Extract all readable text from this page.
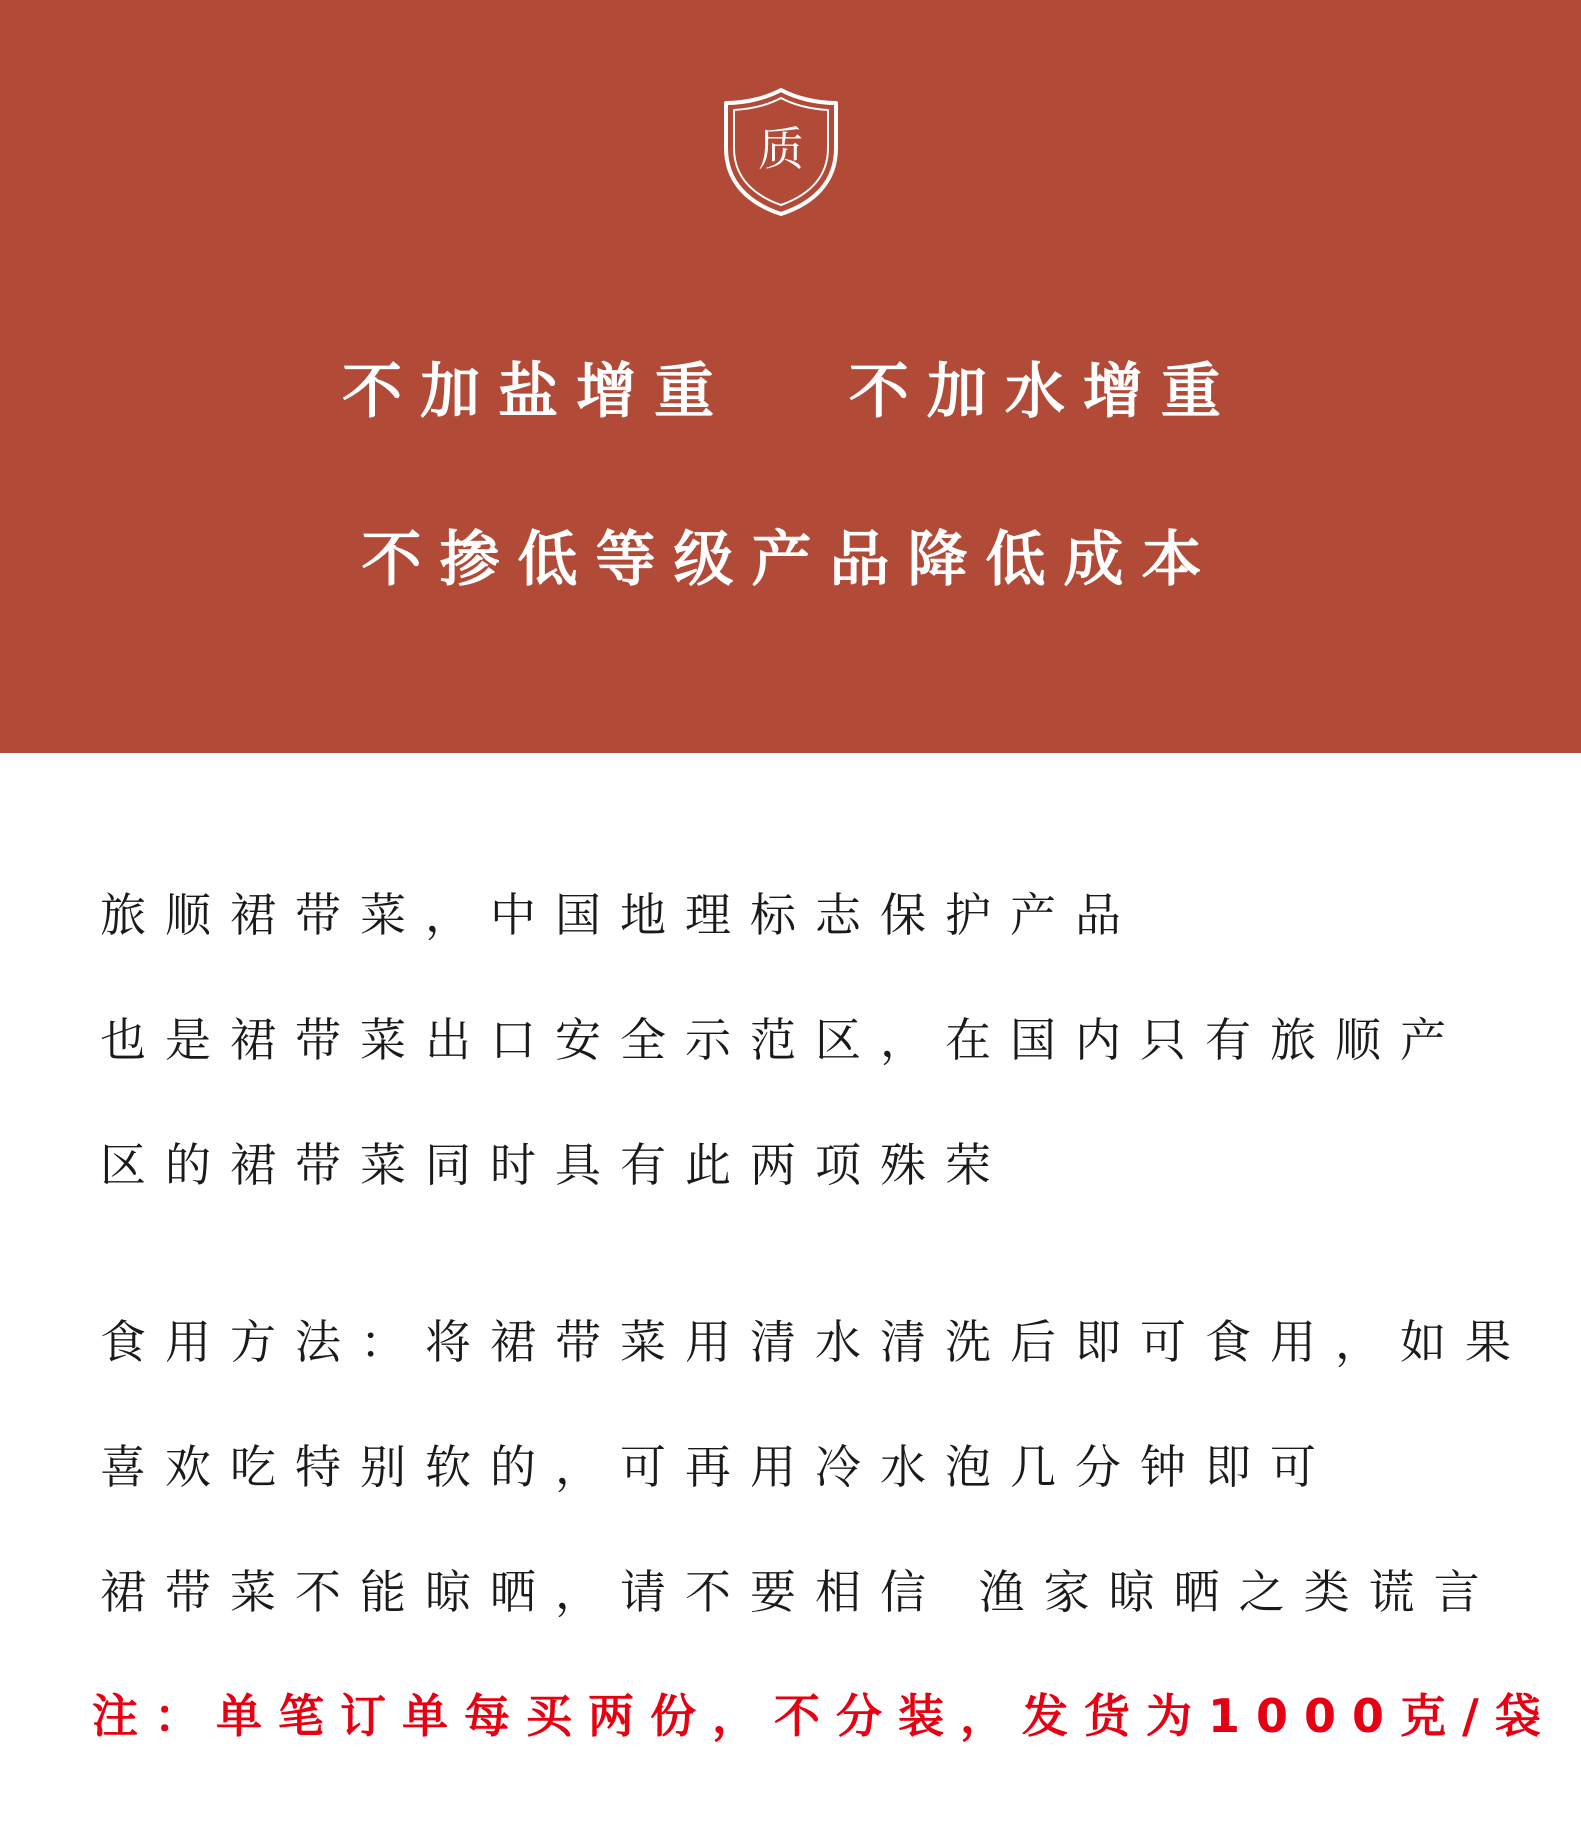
质
不加盐增重   不加水增重
不掺低等级产品降低成本
旅顺裙带菜，中国地理标志保护产品
也是裙带菜出口安全示范区，在国内只有旅顺产
区的裙带菜同时具有此两项殊荣
食用方法：将裙带菜用清水清洗后即可食用，如果
喜欢吃特别软的，可再用冷水泡几分钟即可
裙带菜不能晾晒，请不要相信 渔家晾晒之类谎言
注：单笔订单每买两份，不分装，发货为1000克/袋
